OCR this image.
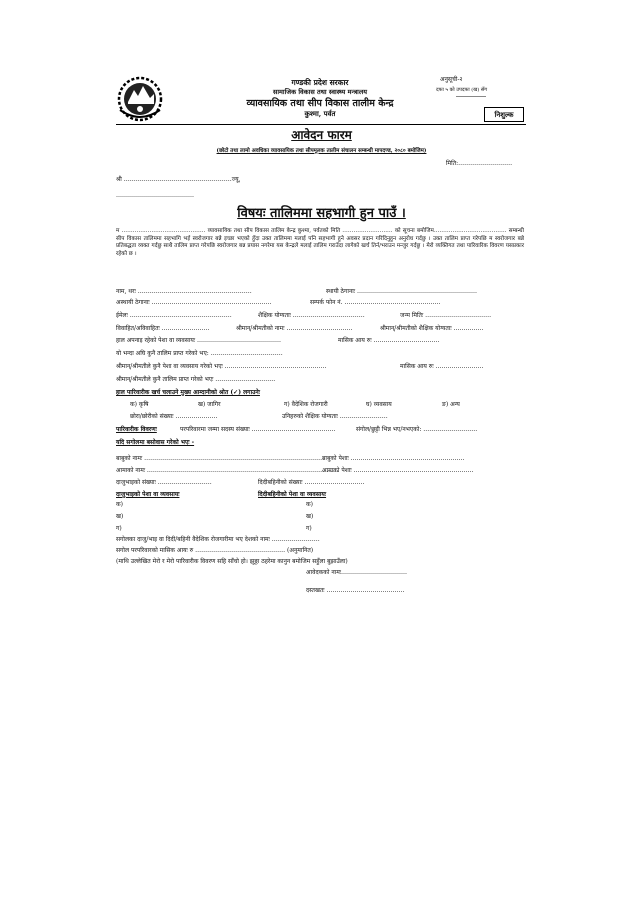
अनुसूची-२
दफा ५ को उपदफा (ख) सँग
गण्डकी प्रदेश सरकार
सामाजिक विकास तथा स्वास्थ्य मन्त्रालय
व्यावसायिक तथा सीप विकास तालीम केन्द्र
कुश्मा, पर्वत	निशुल्क
आवेदन फारम
(छोटो तथा लामो अवधिका व्यावसायिक तथा सीपमूलक तालीम संचालन सम्बन्धी मापदण्ड, २०८० बमोजिम)
मिति:………………………
श्री ………………………………………………ज्यू,
…………………………………
विषयः तालिममा सहभागी हुन पाउँ ।
म ……………………………………… व्यावसायिक तथा सीप विकास तालिम केन्द्र कुश्मा, पर्वतको मिति ……………………… को सूचना बमोजिम………………………………… सम्बन्धी सीप विकास तालिममा सहभागि भई स्वरोजगार बन्ने इच्छा भएको हुँदा उक्त तालिममा मलाई पनि सहभागी हुने अवसर प्रदान गरिदिनुहुन अनुरोध गर्दछु । उक्त तालिम प्राप्त गरेपछि म स्वरोजगार बन्ने प्रतिबद्धता व्यक्त गर्दछु साथै तालिम प्राप्त गरेपछि स्वरोजगार बन्न प्रयास नगरेमा यस केन्द्रले मलाई तालिम गराउँदा लागेको खर्च तिर्न/भराउन मन्जुर गर्दछु । मेरो व्यक्तिगत तथा पारिवारिक विवरण यसप्रकार रहेको छ ।
नाम, थरः …………………………………………………	स्थायी ठेगानाः ……………………………………………………
अस्थायी ठेगानाः ……………………………………………………	सम्पर्क फोन नं. …………………………………………
ईमेलः ……………………………………………	शैक्षिक योग्यताः ………………………………	जन्म मितिः ……………………………
विवाहित/अविवाहितः ……………………	श्रीमान्/श्रीमतीको नामः ……………………………	श्रीमान्/श्रीमतीको शैक्षिक योग्यताः ……………
हाल अपनाइ रहेको पेशा वा व्यवसायः ……………………………………	मासिक आय रुः ……………………………
यो भन्दा अघि कुनै तालिम प्राप्त गरेको भए: ………………………………
श्रीमान्/श्रीमतीले कुनै पेशा वा व्यवसाय गरेको भएः ……………………………………………	मासिक आय रुः ……………………
श्रीमान्/श्रीमतीले कुनै तालिम प्राप्त गरेको भएः …………………………
हाल पारिवारीक खर्च चलाउने मुख्य आम्दानीको श्रोत (✓) लगाउनेः
क) कृषि	ख) जागिर	ग) वैदेशिक रोजगारी	घ) व्यवसाय	ङ) अन्य
छोरा/छोरीको संख्याः …………………	उनिहरुको शैक्षिक योग्यताः ……………………
पारिवारीक विवरणः	परपरिवारमा जम्मा सदस्य संख्याः ……………………………………	संगोल/छुट्टी भिन्न भए/नभएको: ………………………
यदि सगोलमा बसोवास गरेको भएः -
बाबुको नामः ………………………………………………………………………………
बाबुको पेशाः …………………………………………………
आमाको नामः ……………………………………………………………………………………
आमाको पेशाः ……………………………………………………
दाजुभाइको संख्याः ………………………	दिदीबहिनीको संख्याः …………………………
दाजुभाइको पेशा वा व्यवसायः	दिदीबहिनीको पेशा वा व्यवसायः
क)	क)
ख)	ख)
ग)	ग)
सगोलका दाजु/भाइ वा दिदी/बहिनी वैदेशिक रोजगारीमा भए देशको नामः ……………………
सगोल परपरिवारको मासिक आयः रु ……………………………………… (अनुमानित)
(माथि उल्लेखित मेरो र मेरो पारिवारीक विवरण सहि साँचो हो। झुठ्ठा ठहरेमा कानुन बमोजिम सहुँला बुझाउँला)
आवेदकको नामः……………………………
दस्तखतः …………………………………
